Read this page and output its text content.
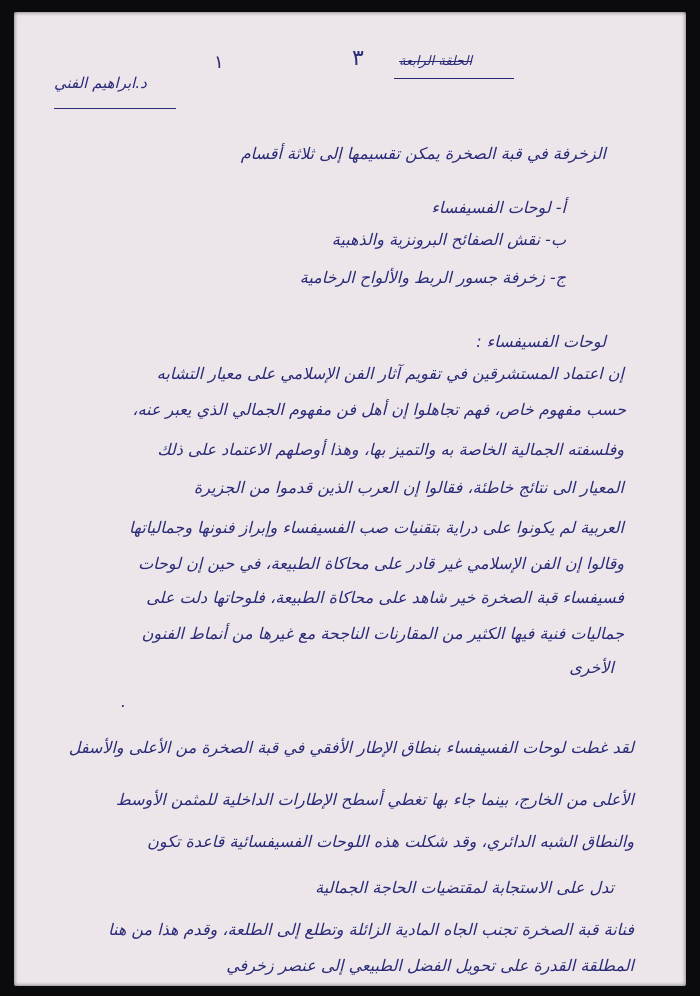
د.ابراهيم الفني
١	٣	الحلقة الرابعة
الزخرفة في قبة الصخرة يمكن تقسيمها إلى ثلاثة أقسام
أ- لوحات الفسيفساء
ب- نقش الصفائح البرونزية والذهبية
ج- زخرفة جسور الربط والألواح الرخامية
لوحات الفسيفساء :
إن اعتماد المستشرقين في تقويم آثار الفن الإسلامي على معيار التشابه
حسب مفهوم خاص، فهم تجاهلوا إن أهل فن مفهوم الجمالي الذي يعبر عنه،
وفلسفته الجمالية الخاصة به والتميز بها، وهذا أوصلهم الاعتماد على ذلك
المعيار الى نتائج خاطئة، فقالوا إن العرب الذين قدموا من الجزيرة
العربية لم يكونوا على دراية بتقنيات صب الفسيفساء وإبراز فنونها وجمالياتها
وقالوا إن الفن الإسلامي غير قادر على محاكاة الطبيعة، في حين إن لوحات
فسيفساء قبة الصخرة خير شاهد على محاكاة الطبيعة، فلوحاتها دلت على
جماليات فنية فيها الكثير من المقارنات الناجحة مع غيرها من أنماط الفنون
الأخرى
.
لقد غطت لوحات الفسيفساء بنطاق الإطار الأفقي في قبة الصخرة من الأعلى والأسفل
الأعلى من الخارج، بينما جاء بها تغطي أسطح الإطارات الداخلية للمثمن الأوسط
والنطاق الشبه الدائري، وقد شكلت هذه اللوحات الفسيفسائية قاعدة تكون
تدل على الاستجابة لمقتضيات الحاجة الجمالية
فنانة قبة الصخرة تجنب الجاه المادية الزائلة وتطلع إلى الطلعة، وقدم هذا من هنا
المطلقة القدرة على تحويل الفضل الطبيعي إلى عنصر زخرفي
